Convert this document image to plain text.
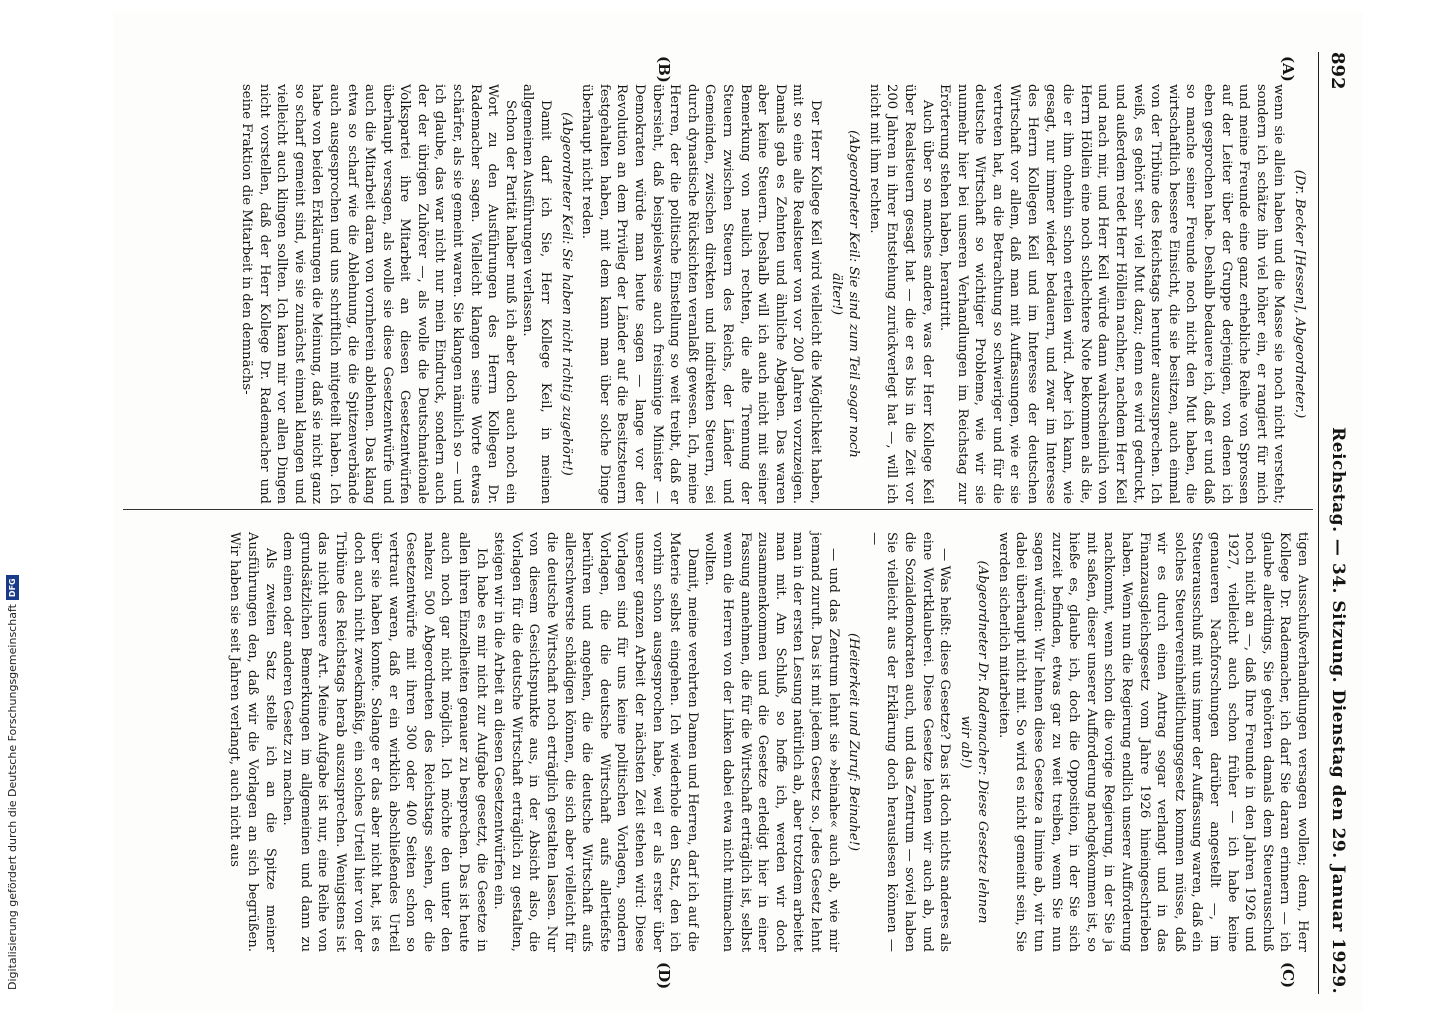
892
Reichstag. — 34. Sitzung. Dienstag den 29. Januar 1929.
(A)
(B)
(C)
(D)

(Dr. Becker [Hessen], Abgeordneter.)

wenn sie allein haben und die Masse sie noch nicht versteht; sondern ich schätze ihn viel höher ein, er rangiert für mich und meine Freunde eine ganz erhebliche Reihe von Sprossen auf der Leiter über der Gruppe derjenigen, von denen ich eben gesprochen habe. Deshalb bedauere ich, daß er und daß so manche seiner Freunde noch nicht den Mut haben, die wirtschaftlich bessere Einsicht, die sie besitzen, auch einmal von der Tribüne des Reichstags herunter auszusprechen. Ich weiß, es gehört sehr viel Mut dazu; denn es wird gedruckt, und außerdem redet Herr Höllein nachher, nachdem Herr Keil und nach mir, und Herr Keil würde dann wahrscheinlich von Herrn Höllein eine noch schlechtere Note bekommen als die, die er ihm ohnehin schon erteilen wird. Aber ich kann, wie gesagt, nur immer wieder bedauern, und zwar im Interesse des Herrn Kollegen Keil und im Interesse der deutschen Wirtschaft vor allem, daß man mit Auffassungen, wie er sie vertreten hat, an die Betrachtung so schwieriger und für die deutsche Wirtschaft so wichtiger Probleme, wie wir sie nunmehr hier bei unseren Verhandlungen im Reichstag zur Erörterung stehen haben, herantritt.

Auch über so manches andere, was der Herr Kollege Keil über Realsteuern gesagt hat — die er es bis in die Zeit vor 200 Jahren in ihrer Entstehung zurückverlegt hat —, will ich nicht mit ihm rechten.

(Abgeordneter Keil: Sie sind zum Teil sogar noch älter!)

Der Herr Kollege Keil wird vielleicht die Möglichkeit haben, mit so eine alte Realsteuer von vor 200 Jahren vorzuzeigen. Damals gab es Zehnten und ähnliche Abgaben. Das waren aber keine Steuern. Deshalb will ich auch nicht mit seiner Bemerkung von neulich rechten, die alte Trennung der Steuern zwischen Steuern des Reichs, der Länder und Gemeinden, zwischen direkten und indirekten Steuern, sei durch dynastische Rücksichten veranlaßt gewesen. Ich, meine Herren, der die politische Einstellung so weit treibt, daß er übersieht, daß beispielsweise auch freisinnige Minister — Demokraten würde man heute sagen — lange vor der Revolution an dem Privileg der Länder auf die Besitzsteuern festgehalten haben, mit dem kann man über solche Dinge überhaupt nicht reden.

(Abgeordneter Keil: Sie haben nicht richtig zugehört!)

Damit darf ich Sie, Herr Kollege Keil, in meinen allgemeinen Ausführungen verlassen.

Schon der Parität halber muß ich aber doch auch noch ein Wort zu den Ausführungen des Herrn Kollegen Dr. Rademacher sagen. Vielleicht klangen seine Worte etwas schärfer, als sie gemeint waren. Sie klangen nämlich so — und ich glaube, das war nicht nur mein Eindruck, sondern auch der der übrigen Zuhörer —, als wolle die Deutschnationale Volkspartei ihre Mitarbeit an diesen Gesetzentwürfen überhaupt versagen, als wolle sie diese Gesetzentwürfe und auch die Mitarbeit daran von vornherein ablehnen. Das klang etwa so scharf wie die Ablehnung, die die Spitzenverbände auch ausgesprochen und uns schriftlich mitgeteilt haben. Ich habe von beiden Erklärungen die Meinung, daß sie nicht ganz so scharf gemeint sind, wie sie zunächst einmal klangen und vielleicht auch klingen sollten. Ich kann mir vor allen Dingen nicht vorstellen, daß der Herr Kollege Dr. Rademacher und seine Fraktion die Mitarbeit in den demnächs-

tigen Ausschußverhandlungen versagen wollen; denn, Herr Kollege Dr. Rademacher, ich darf Sie daran erinnern — ich glaube allerdings, Sie gehörten damals dem Steuerausschuß noch nicht an —, daß Ihre Freunde in den Jahren 1926 und 1927, vielleicht auch schon früher — ich habe keine genaueren Nachforschungen darüber angestellt —, im Steuerausschuß mit uns immer der Auffassung waren, daß ein solches Steuervereinheitlichungsgesetz kommen müsse, daß wir es durch einen Antrag sogar verlangt und in das Finanzausgleichsgesetz vom Jahre 1926 hineingeschrieben haben. Wenn nun die Regierung endlich unserer Aufforderung nachkommt, wenn schon die vorige Regierung, in der Sie ja mit saßen, dieser unserer Aufforderung nachgekommen ist, so hieße es, glaube ich, doch die Opposition, in der Sie sich zurzeit befinden, etwas gar zu weit treiben, wenn Sie nun sagen würden: Wir lehnen diese Gesetze a limine ab, wir tun dabei überhaupt nicht mit. So wird es nicht gemeint sein, Sie werden sicherlich mitarbeiten.

(Abgeordneter Dr. Rademacher: Diese Gesetze lehnen wir ab!)

— Was heißt: diese Gesetze? Das ist doch nichts anderes als eine Wortklauberei. Diese Gesetze lehnen wir auch ab, und die Sozialdemokraten auch, und das Zentrum — soviel haben Sie vielleicht aus der Erklärung doch herauslesen können — —

(Heiterkeit und Zuruf: Beinahe!)

— und das Zentrum lehnt sie »beinahe« auch ab, wie mir jemand zuruft. Das ist mit jedem Gesetz so. Jedes Gesetz lehnt man in der ersten Lesung natürlich ab, aber trotzdem arbeitet man mit. Am Schluß, so hoffe ich, werden wir doch zusammenkommen und die Gesetze erledigt hier in einer Fassung annehmen, die für die Wirtschaft erträglich ist, selbst wenn die Herren von der Linken dabei etwa nicht mitmachen wollten.

Damit, meine verehrten Damen und Herren, darf ich auf die Materie selbst eingehen. Ich wiederhole den Satz, den ich vorhin schon ausgesprochen habe, weil er als erster über unserer ganzen Arbeit der nächsten Zeit stehen wird: Diese Vorlagen sind für uns keine politischen Vorlagen, sondern Vorlagen, die die deutsche Wirtschaft aufs allertiefste berühren und angehen, die die deutsche Wirtschaft aufs allerschwerste schädigen können, die sich aber vielleicht für die deutsche Wirtschaft noch erträglich gestalten lassen. Nur von diesem Gesichtspunkte aus, in der Absicht also, die Vorlagen für die deutsche Wirtschaft erträglich zu gestalten, steigen wir in die Arbeit an diesen Gesetzentwürfen ein.

Ich habe es mir nicht zur Aufgabe gesetzt, die Gesetze in allen ihren Einzelheiten genauer zu besprechen. Das ist heute auch noch gar nicht möglich. Ich möchte den unter den nahezu 500 Abgeordneten des Reichstags sehen, der die Gesetzentwürfe mit ihren 300 oder 400 Seiten schon so vertraut waren, daß er ein wirklich abschließendes Urteil über sie haben konnte. Solange er das aber nicht hat, ist es doch auch nicht zweckmäßig, ein solches Urteil hier von der Tribüne des Reichstags herab auszusprechen. Wenigstens ist das nicht unsere Art. Meine Aufgabe ist nur, eine Reihe von grundsätzlichen Bemerkungen im allgemeinen und dann zu dem einen oder anderen Gesetz zu machen.

Als zweiten Satz stelle ich an die Spitze meiner Ausführungen den, daß wir die Vorlagen an sich begrüßen. Wir haben sie seit Jahren verlangt, auch nicht aus

Digitalisierung gefördert durch die Deutsche Forschungsgemeinschaft
DFG
